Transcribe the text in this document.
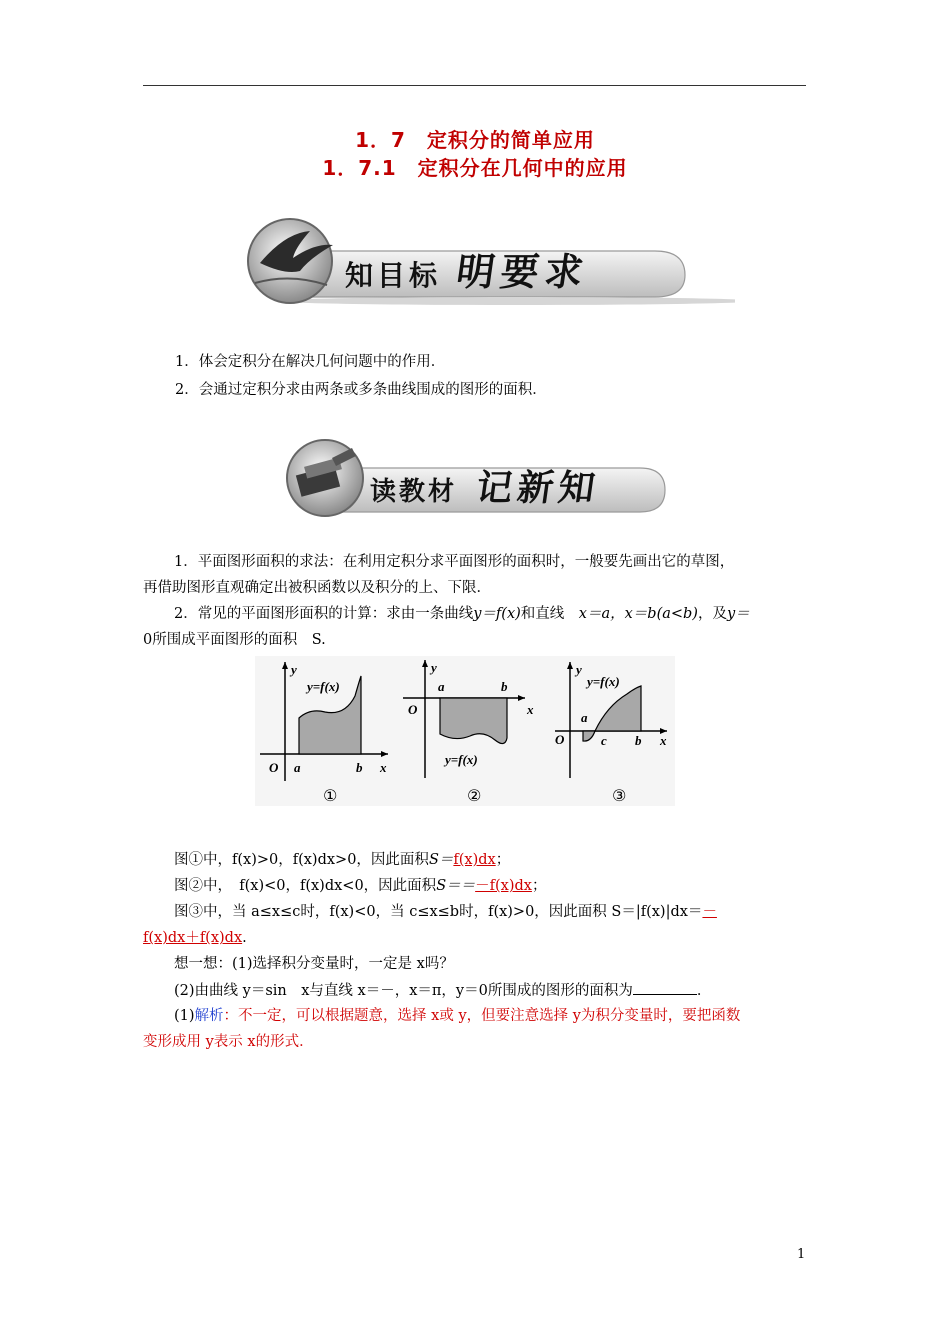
1．7　定积分的简单应用
1．7.1　定积分在几何中的应用
知目标 明要求
1．体会定积分在解决几何问题中的作用．
2．会通过定积分求由两条或多条曲线围成的图形的面积．
读教材 记新知
1．平面图形面积的求法：在利用定积分求平面图形的面积时，一般要先画出它的草图，
再借助图形直观确定出被积函数以及积分的上、下限．
2．常见的平面图形面积的计算：求由一条曲线y＝f(x)和直线　x＝a，x＝b(a<b)，及y＝
0所围成平面图形的面积　S.
y
y=f(x)
O a	b x
①
y
O
a	b
x
y=f(x)
②
y
y=f(x)
O
a
c b x
③
图①中，f(x)>0，f(x)dx>0，因此面积S＝f(x)dx；
图②中，　f(x)<0，f(x)dx<0，因此面积S＝＝－f(x)dx；
图③中，当 a≤x≤c时，f(x)<0，当 c≤x≤b时，f(x)>0，因此面积 S＝|f(x)|dx＝－
f(x)dx＋f(x)dx.
想一想：(1)选择积分变量时，一定是 x吗？
(2)由曲线 y＝sin　x与直线 x＝－，x＝π，y＝0所围成的图形的面积为	．
(1)解析：不一定，可以根据题意，选择 x或 y，但要注意选择 y为积分变量时，要把函数
变形成用 y表示 x的形式．
1
